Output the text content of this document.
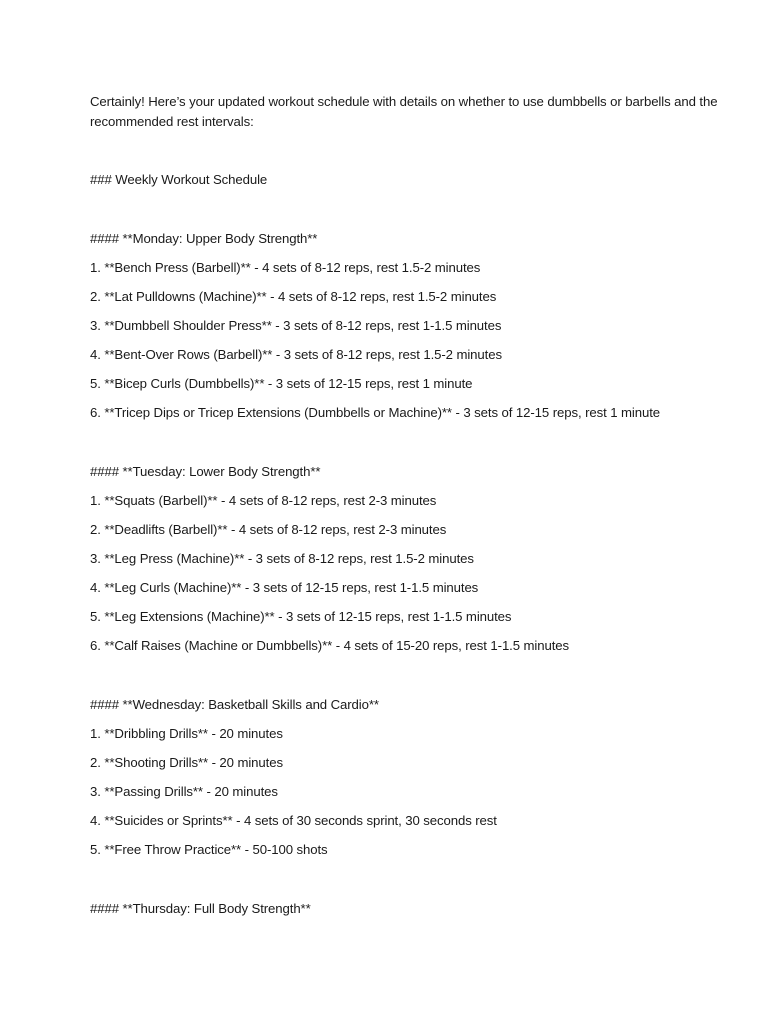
Certainly! Here’s your updated workout schedule with details on whether to use dumbbells or barbells and the recommended rest intervals:

### Weekly Workout Schedule

#### **Monday: Upper Body Strength**

1. **Bench Press (Barbell)** - 4 sets of 8-12 reps, rest 1.5-2 minutes

2. **Lat Pulldowns (Machine)** - 4 sets of 8-12 reps, rest 1.5-2 minutes

3. **Dumbbell Shoulder Press** - 3 sets of 8-12 reps, rest 1-1.5 minutes

4. **Bent-Over Rows (Barbell)** - 3 sets of 8-12 reps, rest 1.5-2 minutes

5. **Bicep Curls (Dumbbells)** - 3 sets of 12-15 reps, rest 1 minute

6. **Tricep Dips or Tricep Extensions (Dumbbells or Machine)** - 3 sets of 12-15 reps, rest 1 minute

#### **Tuesday: Lower Body Strength**

1. **Squats (Barbell)** - 4 sets of 8-12 reps, rest 2-3 minutes

2. **Deadlifts (Barbell)** - 4 sets of 8-12 reps, rest 2-3 minutes

3. **Leg Press (Machine)** - 3 sets of 8-12 reps, rest 1.5-2 minutes

4. **Leg Curls (Machine)** - 3 sets of 12-15 reps, rest 1-1.5 minutes

5. **Leg Extensions (Machine)** - 3 sets of 12-15 reps, rest 1-1.5 minutes

6. **Calf Raises (Machine or Dumbbells)** - 4 sets of 15-20 reps, rest 1-1.5 minutes

#### **Wednesday: Basketball Skills and Cardio**

1. **Dribbling Drills** - 20 minutes

2. **Shooting Drills** - 20 minutes

3. **Passing Drills** - 20 minutes

4. **Suicides or Sprints** - 4 sets of 30 seconds sprint, 30 seconds rest

5. **Free Throw Practice** - 50-100 shots

#### **Thursday: Full Body Strength**
